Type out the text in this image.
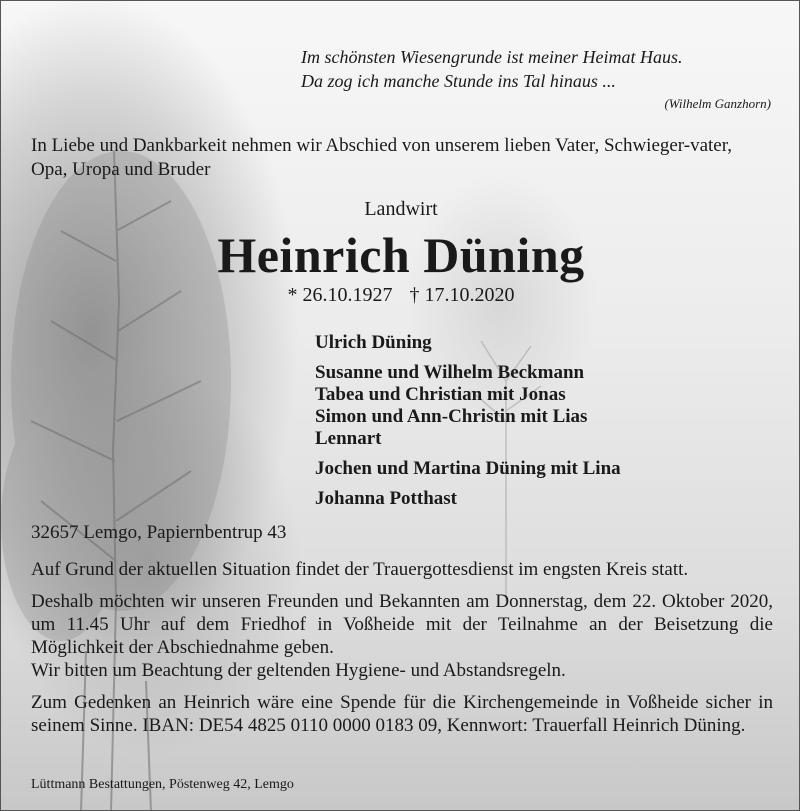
Im schönsten Wiesengrunde ist meiner Heimat Haus.
Da zog ich manche Stunde ins Tal hinaus ...
(Wilhelm Ganzhorn)
In Liebe und Dankbarkeit nehmen wir Abschied von unserem lieben Vater, Schwieger-vater, Opa, Uropa und Bruder
Landwirt
Heinrich Düning
* 26.10.1927 † 17.10.2020
Ulrich Düning
Susanne und Wilhelm Beckmann
Tabea und Christian mit Jonas
Simon und Ann-Christin mit Lias
Lennart
Jochen und Martina Düning mit Lina
Johanna Potthast
32657 Lemgo, Papiernbentrup 43

Auf Grund der aktuellen Situation findet der Trauergottesdienst im engsten Kreis statt.

Deshalb möchten wir unseren Freunden und Bekannten am Donnerstag, dem 22. Oktober 2020, um 11.45 Uhr auf dem Friedhof in Voßheide mit der Teilnahme an der Beisetzung die Möglichkeit der Abschiednahme geben.

Wir bitten um Beachtung der geltenden Hygiene- und Abstandsregeln.

Zum Gedenken an Heinrich wäre eine Spende für die Kirchengemeinde in Voßheide sicher in seinem Sinne. IBAN: DE54 4825 0110 0000 0183 09, Kennwort: Trauerfall Heinrich Düning.

Lüttmann Bestattungen, Pöstenweg 42, Lemgo
